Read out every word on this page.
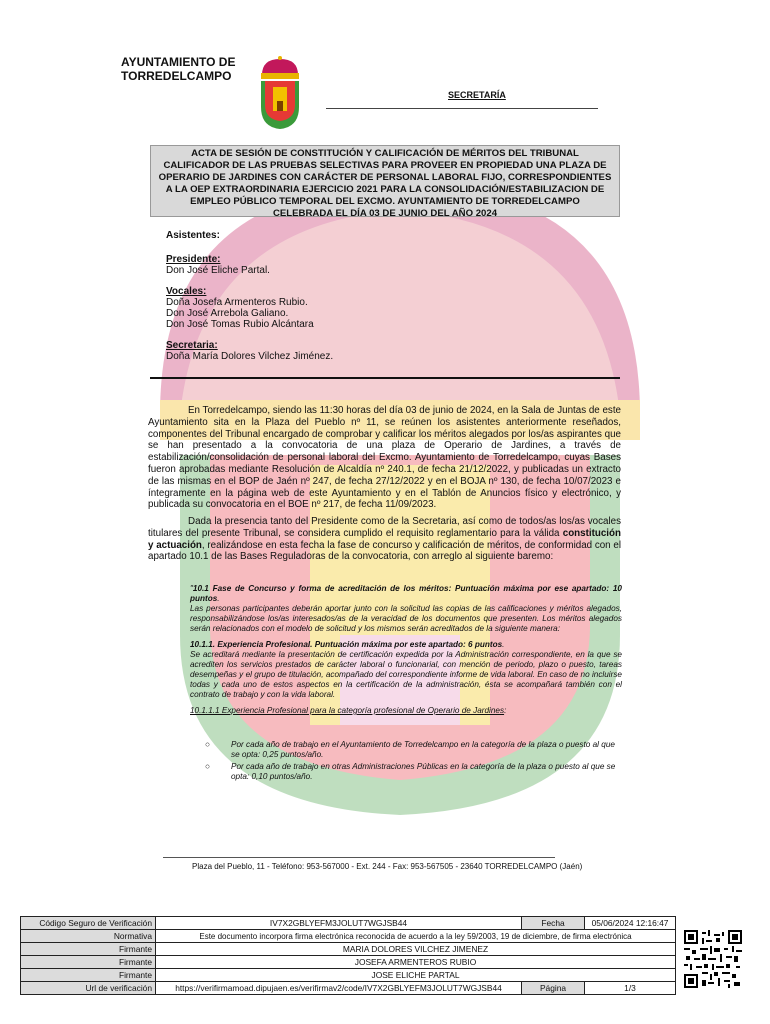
AYUNTAMIENTO DE
TORREDELCAMPO
SECRETARÍA
ACTA DE SESIÓN DE CONSTITUCIÓN Y CALIFICACIÓN DE MÉRITOS DEL TRIBUNAL
CALIFICADOR DE LAS PRUEBAS SELECTIVAS PARA PROVEER EN PROPIEDAD UNA PLAZA DE
OPERARIO DE JARDINES CON CARÁCTER DE PERSONAL LABORAL FIJO, CORRESPONDIENTES
A LA OEP EXTRAORDINARIA EJERCICIO 2021 PARA LA CONSOLIDACIÓN/ESTABILIZACION DE
EMPLEO PÚBLICO TEMPORAL DEL EXCMO. AYUNTAMIENTO DE TORREDELCAMPO
CELEBRADA EL DÍA 03 DE JUNIO DEL AÑO 2024
Asistentes:
Presidente:
Don José Eliche Partal.
Vocales:
Doña Josefa Armenteros Rubio.
Don José Arrebola Galiano.
Don José Tomas Rubio Alcántara
Secretaria:
Doña María Dolores Vilchez Jiménez.
En Torredelcampo, siendo las 11:30 horas del día 03 de junio de 2024, en la Sala de Juntas de este Ayuntamiento sita en la Plaza del Pueblo nº 11, se reúnen los asistentes anteriormente reseñados, componentes del Tribunal encargado de comprobar y calificar los méritos alegados por los/as aspirantes que se han presentado a la convocatoria de una plaza de Operario de Jardines, a través de estabilización/consolidación de personal laboral del Excmo. Ayuntamiento de Torredelcampo, cuyas Bases fueron aprobadas mediante Resolución de Alcaldía nº 240.1, de fecha 21/12/2022, y publicadas un extracto de las mismas en el BOP de Jaén nº 247, de fecha 27/12/2022 y en el BOJA nº 130, de fecha 10/07/2023 e íntegramente en la página web de este Ayuntamiento y en el Tablón de Anuncios físico y electrónico, y publicada su convocatoria en el BOE nº 217, de fecha 11/09/2023.
Dada la presencia tanto del Presidente como de la Secretaria, así como de todos/as los/as vocales titulares del presente Tribunal, se considera cumplido el requisito reglamentario para la válida constitución y actuación, realizándose en esta fecha la fase de concurso y calificación de méritos, de conformidad con el apartado 10.1 de las Bases Reguladoras de la convocatoria, con arreglo al siguiente baremo:

"10.1 Fase de Concurso y forma de acreditación de los méritos: Puntuación máxima por ese apartado: 10 puntos.
Las personas participantes deberán aportar junto con la solicitud las copias de las calificaciones y méritos alegados, responsabilizándose los/as interesados/as de la veracidad de los documentos que presenten. Los méritos alegados serán relacionados con el modelo de solicitud y los mismos serán acreditados de la siguiente manera:

10.1.1. Experiencia Profesional. Puntuación máxima por este apartado: 6 puntos.
Se acreditará mediante la presentación de certificación expedida por la Administración correspondiente, en la que se acrediten los servicios prestados de carácter laboral o funcionarial, con mención de periodo, plazo o puesto, tareas desempeñas y el grupo de titulación, acompañado del correspondiente informe de vida laboral. En caso de no incluirse todas y cada uno de estos aspectos en la certificación de la administración, ésta se acompañará también con el contrato de trabajo y con la vida laboral.

10.1.1.1 Experiencia Profesional para la categoría profesional de Operario de Jardines:

○	Por cada año de trabajo en el Ayuntamiento de Torredelcampo en la categoría de la plaza o puesto al que se opta: 0,25 puntos/año.
○	Por cada año de trabajo en otras Administraciones Públicas en la categoría de la plaza o puesto al que se opta: 0,10 puntos/año.
Plaza del Pueblo, 11 - Teléfono: 953-567000 - Ext. 244 - Fax: 953-567505 - 23640 TORREDELCAMPO (Jaén)
Código Seguro de Verificación	IV7X2GBLYEFM3JOLUT7WGJSB44	Fecha	05/06/2024 12:16:47
Normativa	Este documento incorpora firma electrónica reconocida de acuerdo a la ley 59/2003, 19 de diciembre, de firma electrónica		
Firmante	MARIA DOLORES VILCHEZ JIMENEZ		
Firmante	JOSEFA ARMENTEROS RUBIO		
Firmante	JOSE ELICHE PARTAL		
Url de verificación	https://verifirmamoad.dipujaen.es/verifirmav2/code/IV7X2GBLYEFM3JOLUT7WGJSB44	Página	1/3
